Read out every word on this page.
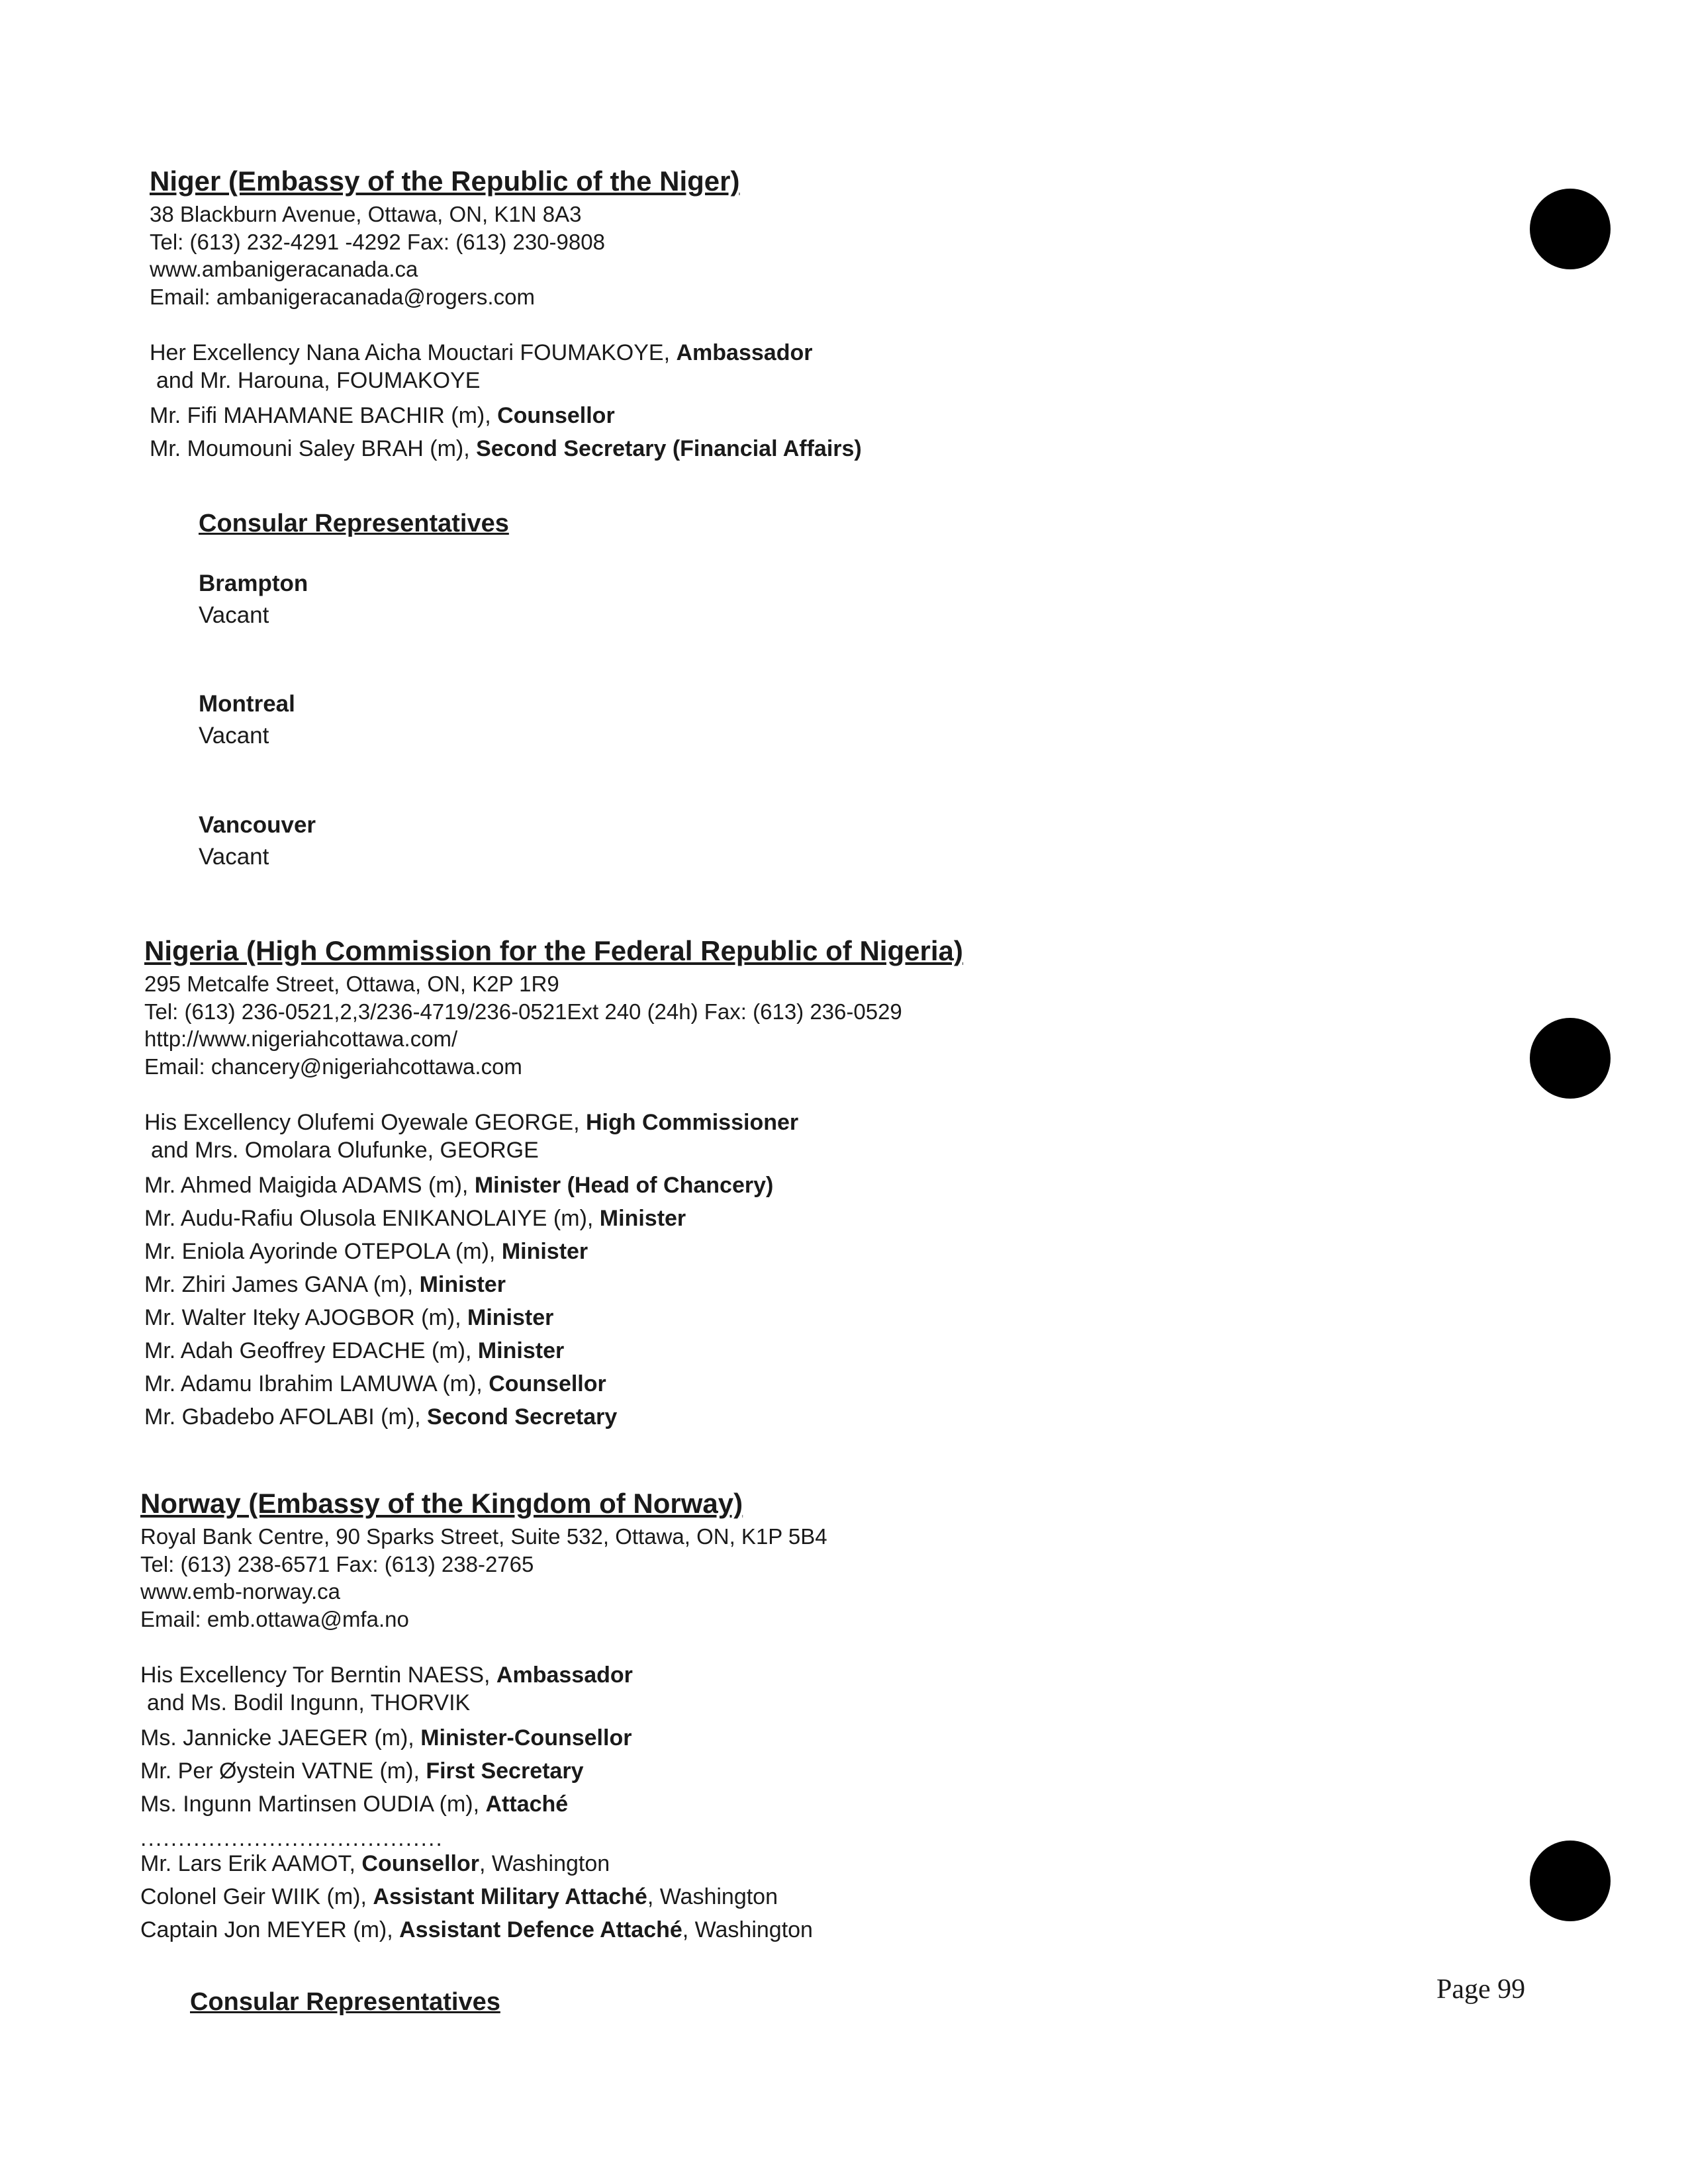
Niger (Embassy of the Republic of the Niger)
38 Blackburn Avenue, Ottawa, ON, K1N 8A3
Tel: (613) 232-4291 -4292 Fax: (613) 230-9808
www.ambanigeracanada.ca
Email: ambanigeracanada@rogers.com
Her Excellency Nana Aicha Mouctari FOUMAKOYE, Ambassador
and Mr. Harouna, FOUMAKOYE
Mr. Fifi MAHAMANE BACHIR (m), Counsellor
Mr. Moumouni Saley BRAH (m), Second Secretary (Financial Affairs)
Consular Representatives
Brampton
Vacant
Montreal
Vacant
Vancouver
Vacant
Nigeria (High Commission for the Federal Republic of Nigeria)
295 Metcalfe Street, Ottawa, ON, K2P 1R9
Tel: (613) 236-0521,2,3/236-4719/236-0521Ext 240 (24h) Fax: (613) 236-0529
http://www.nigeriahcottawa.com/
Email: chancery@nigeriahcottawa.com
His Excellency Olufemi Oyewale GEORGE, High Commissioner
and Mrs. Omolara Olufunke, GEORGE
Mr. Ahmed Maigida ADAMS (m), Minister (Head of Chancery)
Mr. Audu-Rafiu Olusola ENIKANOLAIYE (m), Minister
Mr. Eniola Ayorinde OTEPOLA (m), Minister
Mr. Zhiri James GANA (m), Minister
Mr. Walter Iteky AJOGBOR (m), Minister
Mr. Adah Geoffrey EDACHE (m), Minister
Mr. Adamu Ibrahim LAMUWA (m), Counsellor
Mr. Gbadebo AFOLABI (m), Second Secretary
Norway (Embassy of the Kingdom of Norway)
Royal Bank Centre, 90 Sparks Street, Suite 532, Ottawa, ON, K1P 5B4
Tel: (613) 238-6571 Fax: (613) 238-2765
www.emb-norway.ca
Email: emb.ottawa@mfa.no
His Excellency Tor Berntin NAESS, Ambassador
and Ms. Bodil Ingunn, THORVIK
Ms. Jannicke JAEGER (m), Minister-Counsellor
Mr. Per Øystein VATNE (m), First Secretary
Ms. Ingunn Martinsen OUDIA (m), Attaché
........................................
Mr. Lars Erik AAMOT, Counsellor, Washington
Colonel Geir WIIK (m), Assistant Military Attaché, Washington
Captain Jon MEYER (m), Assistant Defence Attaché, Washington
Consular Representatives	Page 99
